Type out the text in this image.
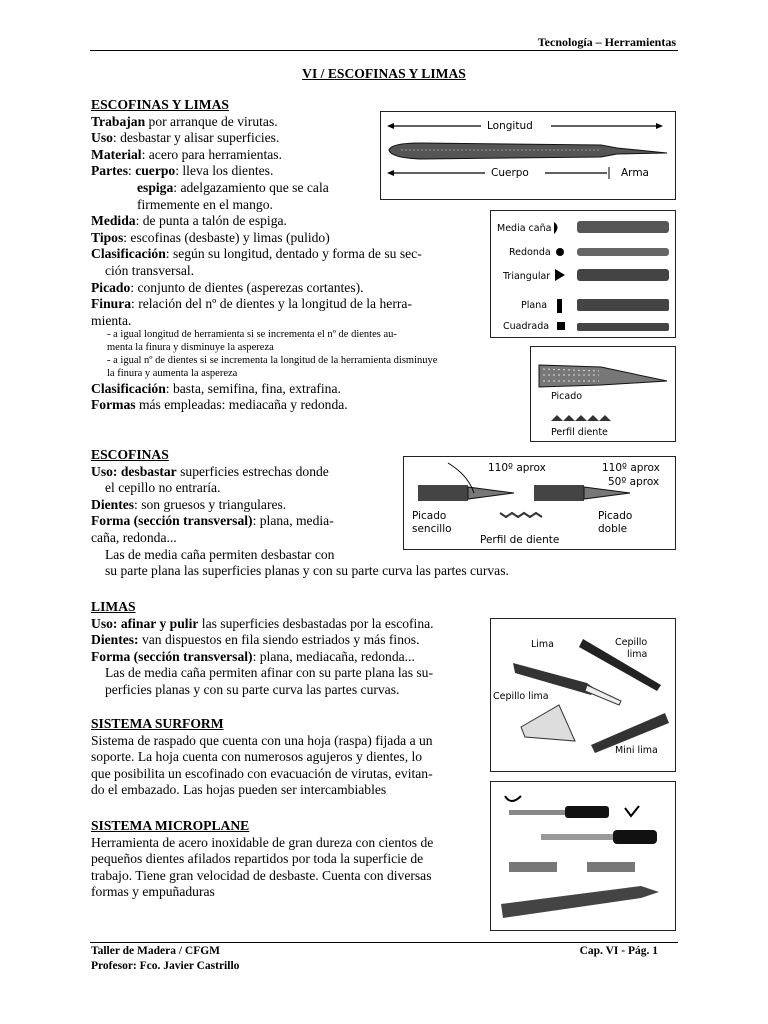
Tecnología – Herramientas
VI / ESCOFINAS Y LIMAS
ESCOFINAS Y LIMAS
Trabajan por arranque de virutas.
Uso: desbastar y alisar superficies.
Material: acero para herramientas.
Partes: cuerpo: lleva los dientes.
espiga: adelgazamiento que se cala
firmemente en el mango.
Medida: de punta a talón de espiga.
Tipos: escofinas (desbaste) y limas (pulido)
Clasificación: según su longitud, dentado y forma de su sec-
ción transversal.
Picado: conjunto de dientes (asperezas cortantes).
Finura: relación del nº de dientes y la longitud de la herra-
mienta.
- a igual longitud de herramienta si se incrementa el nº de dientes au-
menta la finura y disminuye la aspereza
- a igual nº de dientes si se incrementa la longitud de la herramienta disminuye
la finura y aumenta la aspereza
Clasificación: basta, semifina, fina, extrafina.
Formas más empleadas: mediacaña y redonda.
ESCOFINAS
Uso: desbastar superficies estrechas donde
el cepillo no entraría.
Dientes: son gruesos y triangulares.
Forma (sección transversal): plana, media-
caña, redonda...
Las de media caña permiten desbastar con
su parte plana las superficies planas y con su parte curva las partes curvas.
LIMAS
Uso: afinar y pulir las superficies desbastadas por la escofina.
Dientes: van dispuestos en fila siendo estriados y más finos.
Forma (sección transversal): plana, mediacaña, redonda...
Las de media caña permiten afinar con su parte plana las su-
perficies planas y con su parte curva las partes curvas.
SISTEMA SURFORM
Sistema de raspado que cuenta con una hoja (raspa) fijada a un
soporte. La hoja cuenta con numerosos agujeros y dientes, lo
que posibilita un escofinado con evacuación de virutas, evitan-
do el embazado. Las hojas pueden ser intercambiables
SISTEMA MICROPLANE
Herramienta de acero inoxidable de gran dureza con cientos de
pequeños dientes afilados repartidos por toda la superficie de
trabajo. Tiene gran velocidad de desbaste. Cuenta con diversas
formas y empuñaduras
Longitud
Cuerpo	Arma
Media caña
Redonda
Triangular
Plana
Cuadrada
Picado
Perfil diente
110º aprox	110º aprox
50º aprox
Picado
sencillo
Perfil de diente
Picado
doble
Lima	Cepillo
lima
Cepillo lima
Mini lima
Taller de Madera / CFGM
Profesor: Fco. Javier Castrillo
Cap. VI - Pág. 1
